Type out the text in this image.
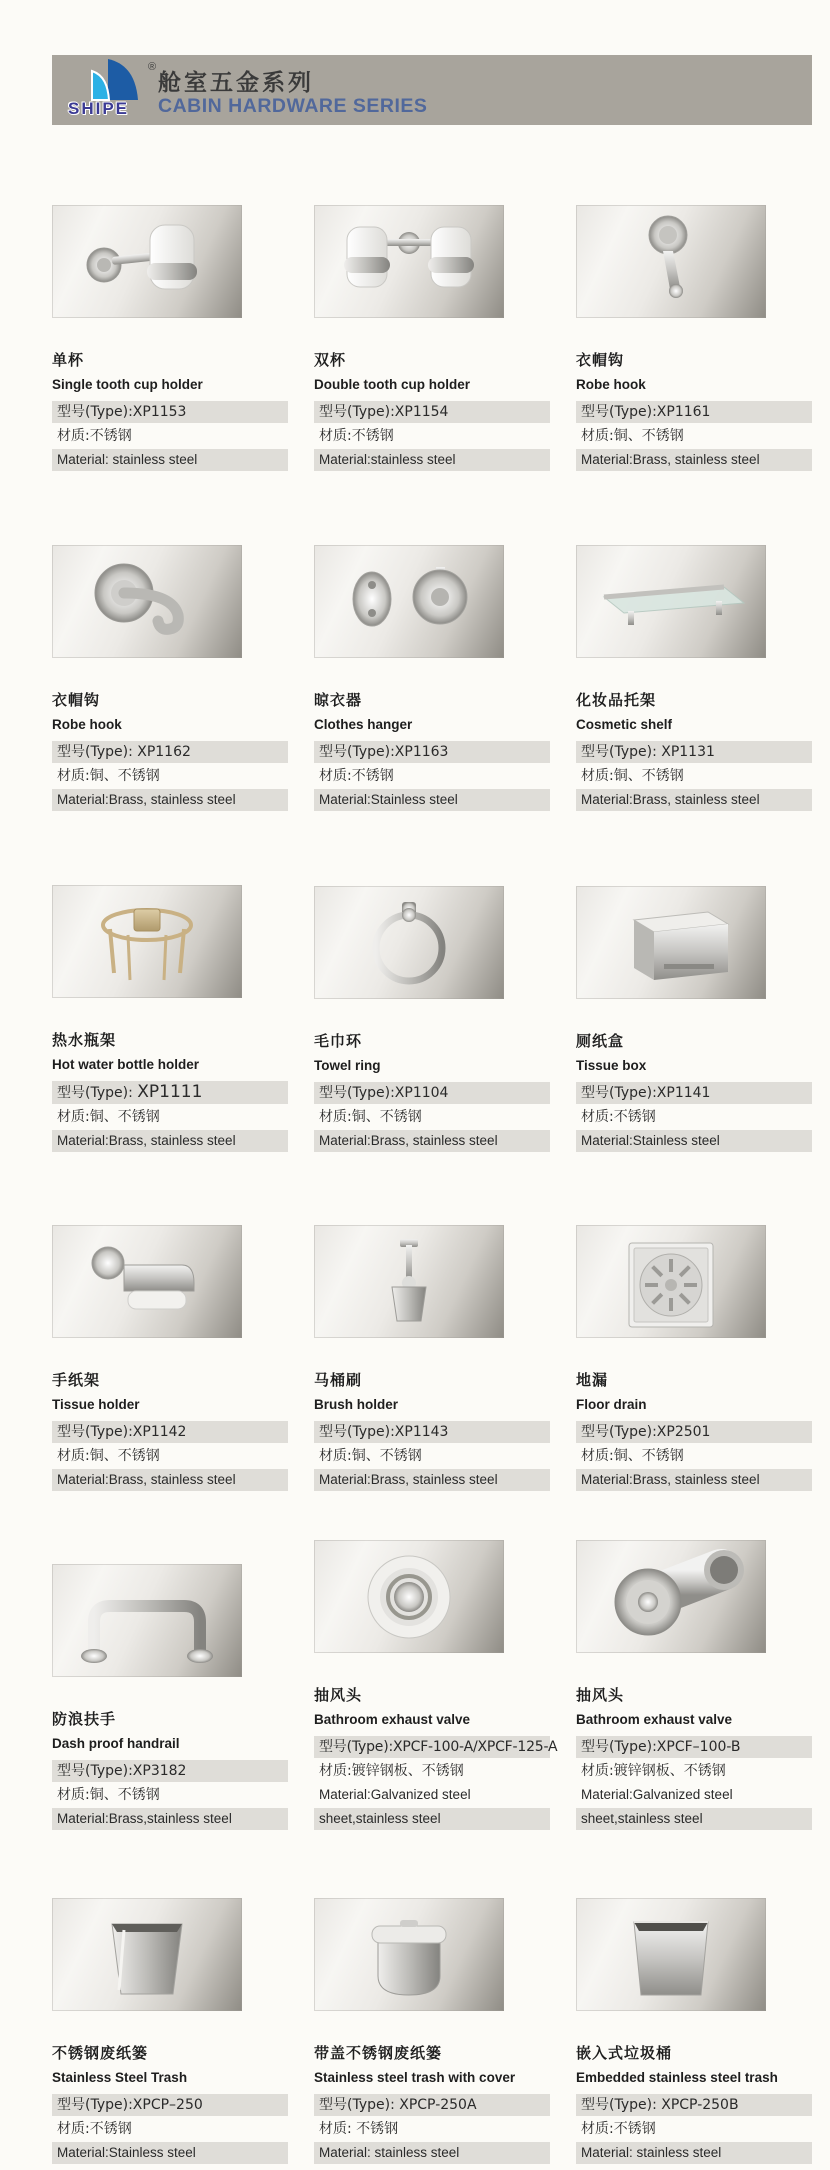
SHIPE
®
舱室五金系列
CABIN HARDWARE SERIES
单杯
Single tooth cup holder
型号(Type):XP1153
材质:不锈钢
Material: stainless steel
双杯
Double tooth cup holder
型号(Type):XP1154
材质:不锈钢
Material:stainless steel
衣帽钩
Robe hook
型号(Type):XP1161
材质:铜、不锈钢
Material:Brass, stainless steel
衣帽钩
Robe hook
型号(Type): XP1162
材质:铜、不锈钢
Material:Brass, stainless steel
晾衣器
Clothes hanger
型号(Type):XP1163
材质:不锈钢
Material:Stainless steel
化妆品托架
Cosmetic shelf
型号(Type): XP1131
材质:铜、不锈钢
Material:Brass, stainless steel
热水瓶架
Hot water bottle holder
型号(Type): XP1111
材质:铜、不锈钢
Material:Brass, stainless steel
毛巾环
Towel ring
型号(Type):XP1104
材质:铜、不锈钢
Material:Brass, stainless steel
厕纸盒
Tissue box
型号(Type):XP1141
材质:不锈钢
Material:Stainless steel
手纸架
Tissue holder
型号(Type):XP1142
材质:铜、不锈钢
Material:Brass, stainless steel
马桶刷
Brush holder
型号(Type):XP1143
材质:铜、不锈钢
Material:Brass, stainless steel
地漏
Floor drain
型号(Type):XP2501
材质:铜、不锈钢
Material:Brass, stainless steel
防浪扶手
Dash proof handrail
型号(Type):XP3182
材质:铜、不锈钢
Material:Brass,stainless steel
抽风头
Bathroom exhaust valve
型号(Type):XPCF-100-A/XPCF-125-A
材质:镀锌钢板、不锈钢
Material:Galvanized steel
sheet,stainless steel
抽风头
Bathroom exhaust valve
型号(Type):XPCF–100-B
材质:镀锌钢板、不锈钢
Material:Galvanized steel
sheet,stainless steel
不锈钢废纸篓
Stainless Steel Trash
型号(Type):XPCP–250
材质:不锈钢
Material:Stainless steel
带盖不锈钢废纸篓
Stainless steel trash with cover
型号(Type): XPCP-250A
材质: 不锈钢
Material: stainless steel
嵌入式垃圾桶
Embedded stainless steel trash
型号(Type): XPCP-250B
材质:不锈钢
Material: stainless steel
